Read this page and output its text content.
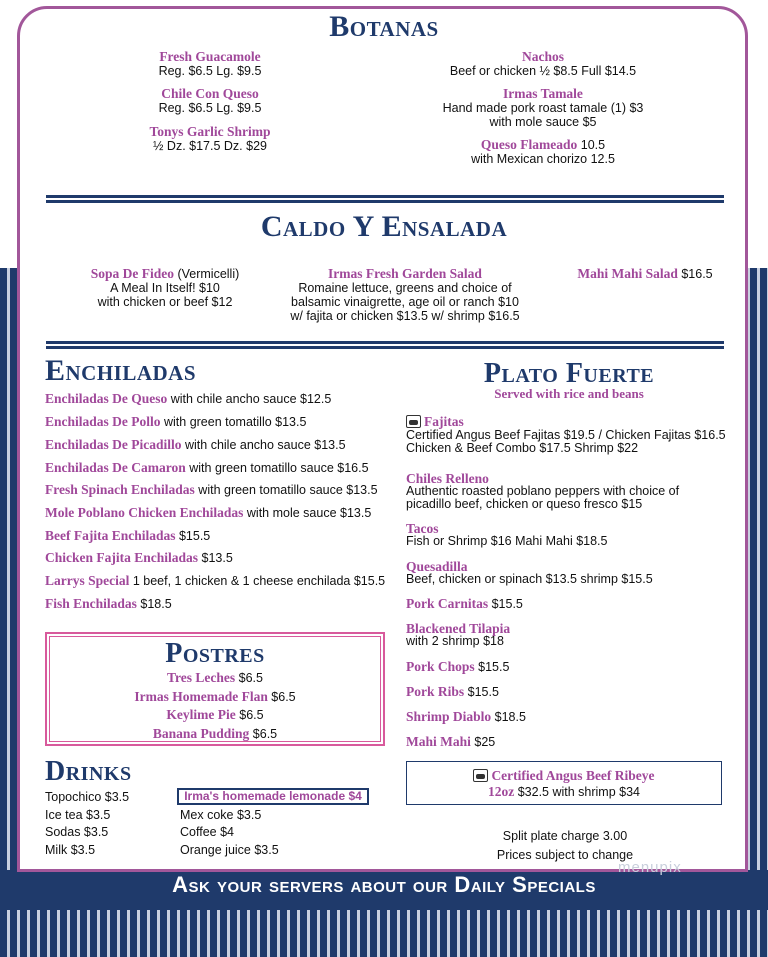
Botanas
Fresh Guacamole
Reg. $6.5 Lg. $9.5
Chile Con Queso
Reg. $6.5 Lg. $9.5
Tonys Garlic Shrimp
½ Dz. $17.5 Dz. $29
Nachos
Beef or chicken ½ $8.5 Full $14.5
Irmas Tamale
Hand made pork roast tamale (1) $3
with mole sauce $5
Queso Flameado 10.5
with Mexican chorizo 12.5
Caldo Y Ensalada
Sopa De Fideo (Vermicelli)
A Meal In Itself! $10
with chicken or beef $12
Irmas Fresh Garden Salad
Romaine lettuce, greens and choice of
balsamic vinaigrette, age oil or ranch $10
w/ fajita or chicken $13.5 w/ shrimp $16.5
Mahi Mahi Salad $16.5
Enchiladas
Enchiladas De Queso with chile ancho sauce $12.5
Enchiladas De Pollo with green tomatillo $13.5
Enchiladas De Picadillo with chile ancho sauce $13.5
Enchiladas De Camaron with green tomatillo sauce $16.5
Fresh Spinach Enchiladas with green tomatillo sauce $13.5
Mole Poblano Chicken Enchiladas with mole sauce $13.5
Beef Fajita Enchiladas $15.5
Chicken Fajita Enchiladas $13.5
Larrys Special 1 beef, 1 chicken & 1 cheese enchilada $15.5
Fish Enchiladas $18.5
Postres
Tres Leches $6.5
Irmas Homemade Flan $6.5
Keylime Pie $6.5
Banana Pudding $6.5
Drinks
Topochico $3.5
Ice tea $3.5
Sodas $3.5
Milk $3.5
Irma's homemade lemonade $4
Mex coke $3.5
Coffee $4
Orange juice $3.5
Plato Fuerte
Served with rice and beans
Fajitas
Certified Angus Beef Fajitas $19.5 / Chicken Fajitas $16.5
Chicken & Beef Combo $17.5 Shrimp $22
Chiles Relleno
Authentic roasted poblano peppers with choice of
picadillo beef, chicken or queso fresco $15
Tacos
Fish or Shrimp $16 Mahi Mahi $18.5
Quesadilla
Beef, chicken or spinach $13.5 shrimp $15.5
Pork Carnitas $15.5
Blackened Tilapia
with 2 shrimp $18
Pork Chops $15.5
Pork Ribs $15.5
Shrimp Diablo $18.5
Mahi Mahi $25
Certified Angus Beef Ribeye
12oz $32.5 with shrimp $34
Split plate charge 3.00
Prices subject to change
menupix
Ask your servers about our Daily Specials
